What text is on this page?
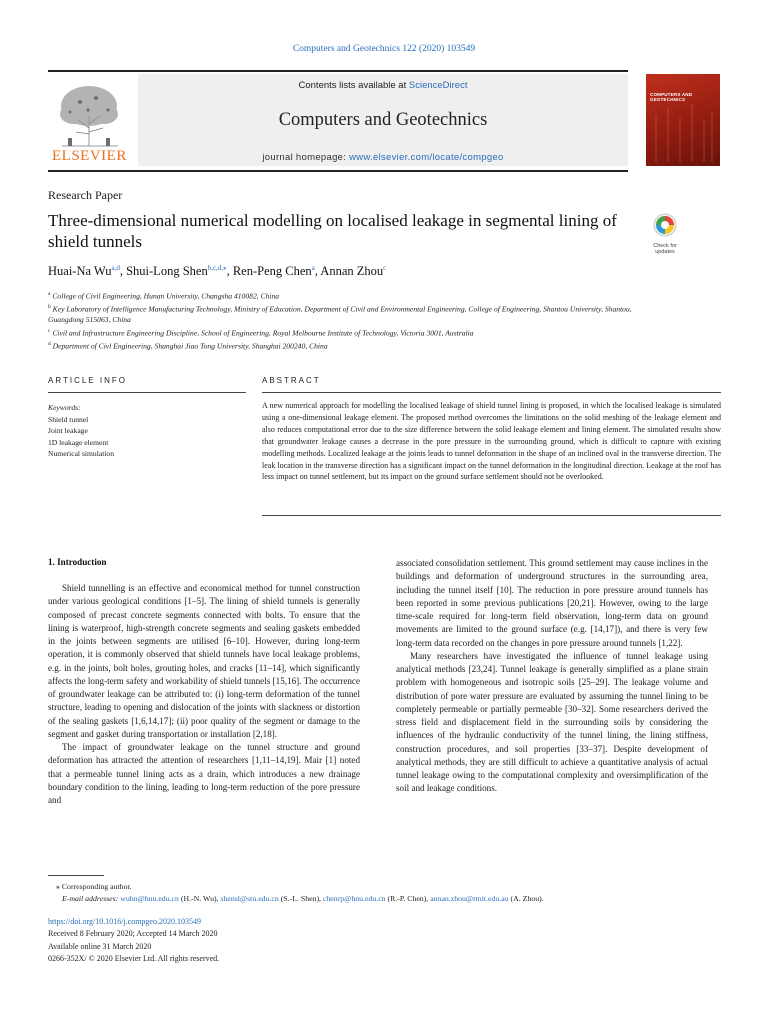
Computers and Geotechnics 122 (2020) 103549
ELSEVIER
Contents lists available at ScienceDirect
Computers and Geotechnics
journal homepage: www.elsevier.com/locate/compgeo
COMPUTERS AND GEOTECHNICS
Research Paper
Three-dimensional numerical modelling on localised leakage in segmental lining of shield tunnels	Check for updates
Huai-Na Wu$^{a,d}$, Shui-Long Shen$^{b,c,d,⁎}$, Ren-Peng Chen$^a$, Annan Zhou$^c$
$^a$ College of Civil Engineering, Hunan University, Changsha 410082, China
$^b$ Key Laboratory of Intelligence Manufacturing Technology, Ministry of Education, Department of Civil and Environmental Engineering, College of Engineering, Shantou University, Shantou, Guangdong 515063, China
$^c$ Civil and Infrastructure Engineering Discipline, School of Engineering, Royal Melbourne Institute of Technology, Victoria 3001, Australia
$^d$ Department of Civl Engineering, Shanghai Jiao Tong University, Shanghai 200240, China
ARTICLE INFO	ABSTRACT
Keywords:
Shield tunnel
Joint leakage
1D leakage element
Numerical simulation
A new numerical approach for modelling the localised leakage of shield tunnel lining is proposed, in which the localised leakage is simulated using a one-dimensional leakage element. The proposed method overcomes the limitations on the solid meshing of the leakage element and also reduces computational error due to the size difference between the solid leakage element and lining element. The simulated results show that groundwater leakage causes a decrease in the pore pressure in the surrounding ground, which is difficult to capture with existing modelling methods. Localized leakage at the joints leads to tunnel deformation in the shape of an inclined oval in the transverse direction. The leak location in the transverse direction has a significant impact on the tunnel deformation in the longitudinal direction. Leakage at the roof has less impact on tunnel settlement, but its impact on the ground surface settlement should not be overlooked.
1. Introduction

Shield tunnelling is an effective and economical method for tunnel construction under various geological conditions [1–5]. The lining of shield tunnels is generally composed of precast concrete segments connected with bolts. To ensure that the lining is waterproof, high-strength concrete segments and sealing gaskets embedded in the joints between segments are utilised [6–10]. However, during long-term operation, it is commonly observed that shield tunnels have local leakage problems, e.g. in the joints, bolt holes, grouting holes, and cracks [11–14], which significantly affects the long-term safety and workability of shield tunnels [15,16]. The occurrence of groundwater leakage can be attributed to: (i) long-term deformation of the tunnel structure, leading to opening and dislocation of the joints with slackness or distortion of the sealing gaskets [1,6,14,17]; (ii) poor quality of the segment or damage to the segment and gasket during transportation or installation [2,18].

The impact of groundwater leakage on the tunnel structure and ground deformation has attracted the attention of researchers [1,11–14,19]. Mair [1] noted that a permeable tunnel lining acts as a drain, which introduces a new drainage boundary condition to the lining, leading to long-term reduction of the pore pressure and

associated consolidation settlement. This ground settlement may cause inclines in the buildings and deformation of underground structures in the surrounding area, including the tunnel itself [10]. The reduction in pore pressure around tunnels has been reported in some previous publications [20,21]. However, owing to the large time-scale required for long-term field observation, long-term data on ground movements are limited to the ground surface (e.g. [14,17]), and there is very few long-term data recorded on the changes in pore pressure around tunnels [1,22].

Many researchers have investigated the influence of tunnel leakage using analytical methods [23,24]. Tunnel leakage is generally simplified as a plane strain problem with homogeneous and isotropic soils [25–29]. The leakage volume and distribution of pore water pressure are evaluated by assuming the tunnel lining to be completely permeable or partially permeable [30–32]. Some researchers derived the stress field and displacement field in the surrounding soils by considering the influences of the hydraulic conductivity of the tunnel lining, the lining stiffness, construction procedures, and soil properties [33–37]. Despite development of analytical methods, they are still difficult to achieve a quantitative analysis of actual tunnel leakage owing to the computational complexity and oversimplification of the soil and leakage conditions.

⁎ Corresponding author.
E-mail addresses: wuhn@hnu.edu.cn (H.-N. Wu), shensl@stu.edu.cn (S.-L. Shen), chenrp@hnu.edu.cn (R.-P. Chen), annan.zhou@rmit.edu.au (A. Zhou).
https://doi.org/10.1016/j.compgeo.2020.103549
Received 8 February 2020; Accepted 14 March 2020
Available online 31 March 2020
0266-352X/ © 2020 Elsevier Ltd. All rights reserved.
